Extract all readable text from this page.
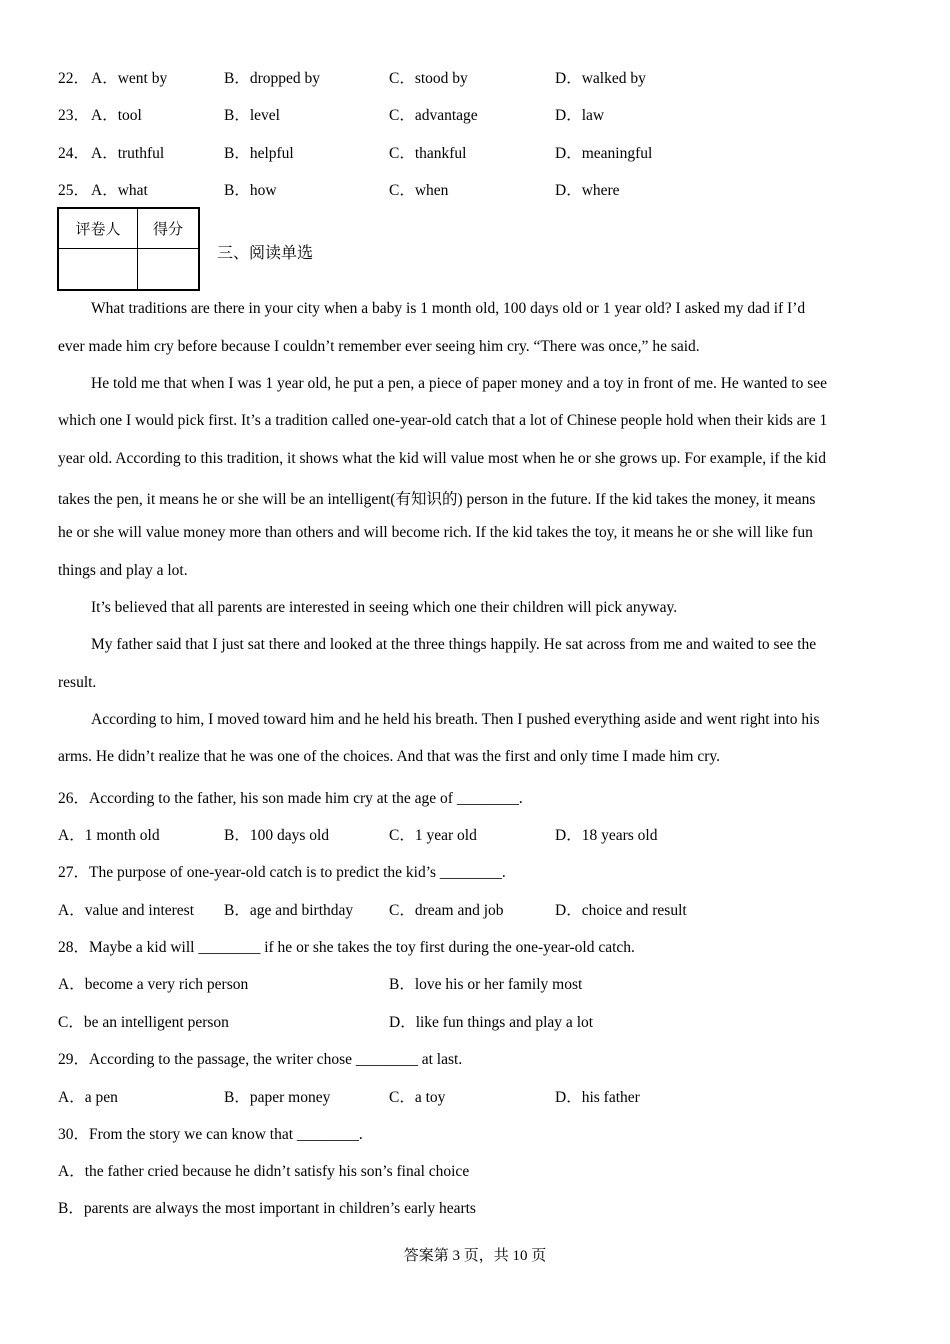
22． A．went by	B．dropped by	C．stood by	D．walked by
23． A．tool	B．level	C．advantage	D．law
24． A．truthful	B．helpful	C．thankful	D．meaningful
25． A．what	B．how	C．when	D．where
评卷人	得分

三、阅读单选
What traditions are there in your city when a baby is 1 month old, 100 days old or 1 year old? I asked my dad if I’d
ever made him cry before because I couldn’t remember ever seeing him cry. “There was once,” he said.
He told me that when I was 1 year old, he put a pen, a piece of paper money and a toy in front of me. He wanted to see
which one I would pick first. It’s a tradition called one-year-old catch that a lot of Chinese people hold when their kids are 1
year old. According to this tradition, it shows what the kid will value most when he or she grows up. For example, if the kid
takes the pen, it means he or she will be an intelligent(有知识的) person in the future. If the kid takes the money, it means
he or she will value money more than others and will become rich. If the kid takes the toy, it means he or she will like fun
things and play a lot.
It’s believed that all parents are interested in seeing which one their children will pick anyway.
My father said that I just sat there and looked at the three things happily. He sat across from me and waited to see the
result.
According to him, I moved toward him and he held his breath. Then I pushed everything aside and went right into his
arms. He didn’t realize that he was one of the choices. And that was the first and only time I made him cry.
26．According to the father, his son made him cry at the age of ________.
A．1 month old	B．100 days old	C．1 year old	D．18 years old
27．The purpose of one-year-old catch is to predict the kid’s ________.
A．value and interest B．age and birthday C．dream and job	D．choice and result
28．Maybe a kid will ________ if he or she takes the toy first during the one-year-old catch.
A．become a very rich person	B．love his or her family most
C．be an intelligent person	D．like fun things and play a lot
29．According to the passage, the writer chose ________ at last.
A．a pen	B．paper money	C．a toy	D．his father
30．From the story we can know that ________.
A．the father cried because he didn’t satisfy his son’s final choice
B．parents are always the most important in children’s early hearts
答案第 3 页，共 10 页
